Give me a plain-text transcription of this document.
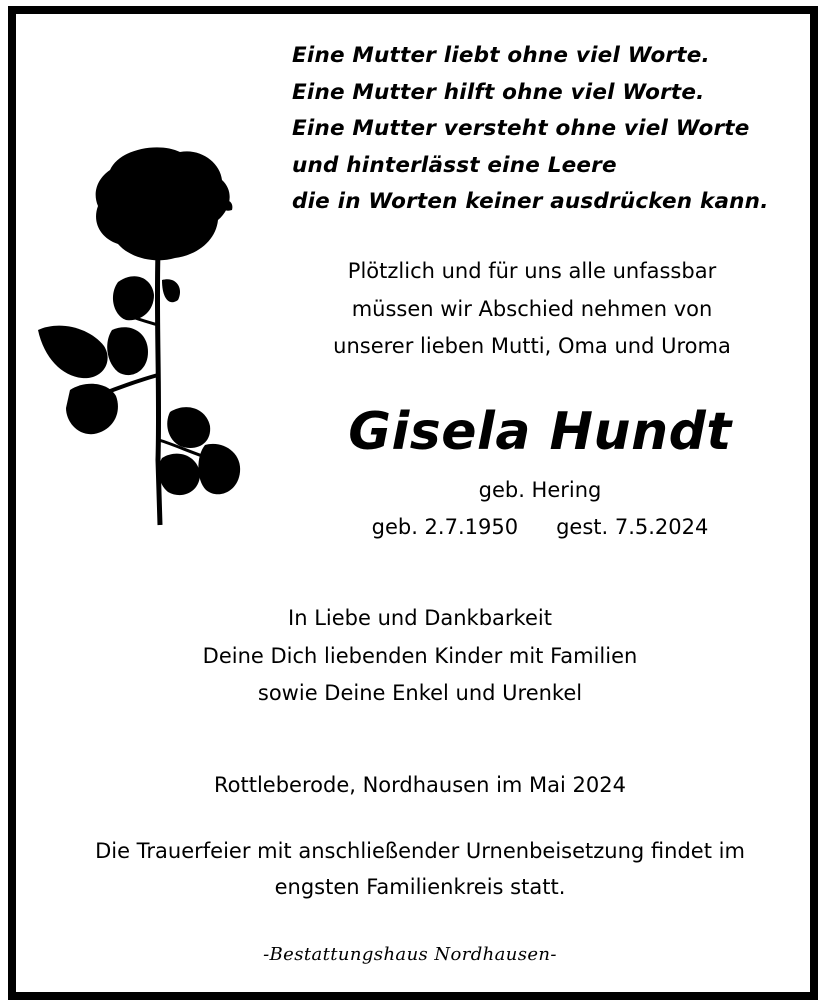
Eine Mutter liebt ohne viel Worte.
Eine Mutter hilft ohne viel Worte.
Eine Mutter versteht ohne viel Worte
und hinterlässt eine Leere
die in Worten keiner ausdrücken kann.
Plötzlich und für uns alle unfassbar
müssen wir Abschied nehmen von
unserer lieben Mutti, Oma und Uroma
Gisela Hundt
geb. Hering
geb. 2.7.1950 gest. 7.5.2024
In Liebe und Dankbarkeit
Deine Dich liebenden Kinder mit Familien
sowie Deine Enkel und Urenkel
Rottleberode, Nordhausen im Mai 2024
Die Trauerfeier mit anschließender Urnenbeisetzung findet im
engsten Familienkreis statt.
-Bestattungshaus Nordhausen-
